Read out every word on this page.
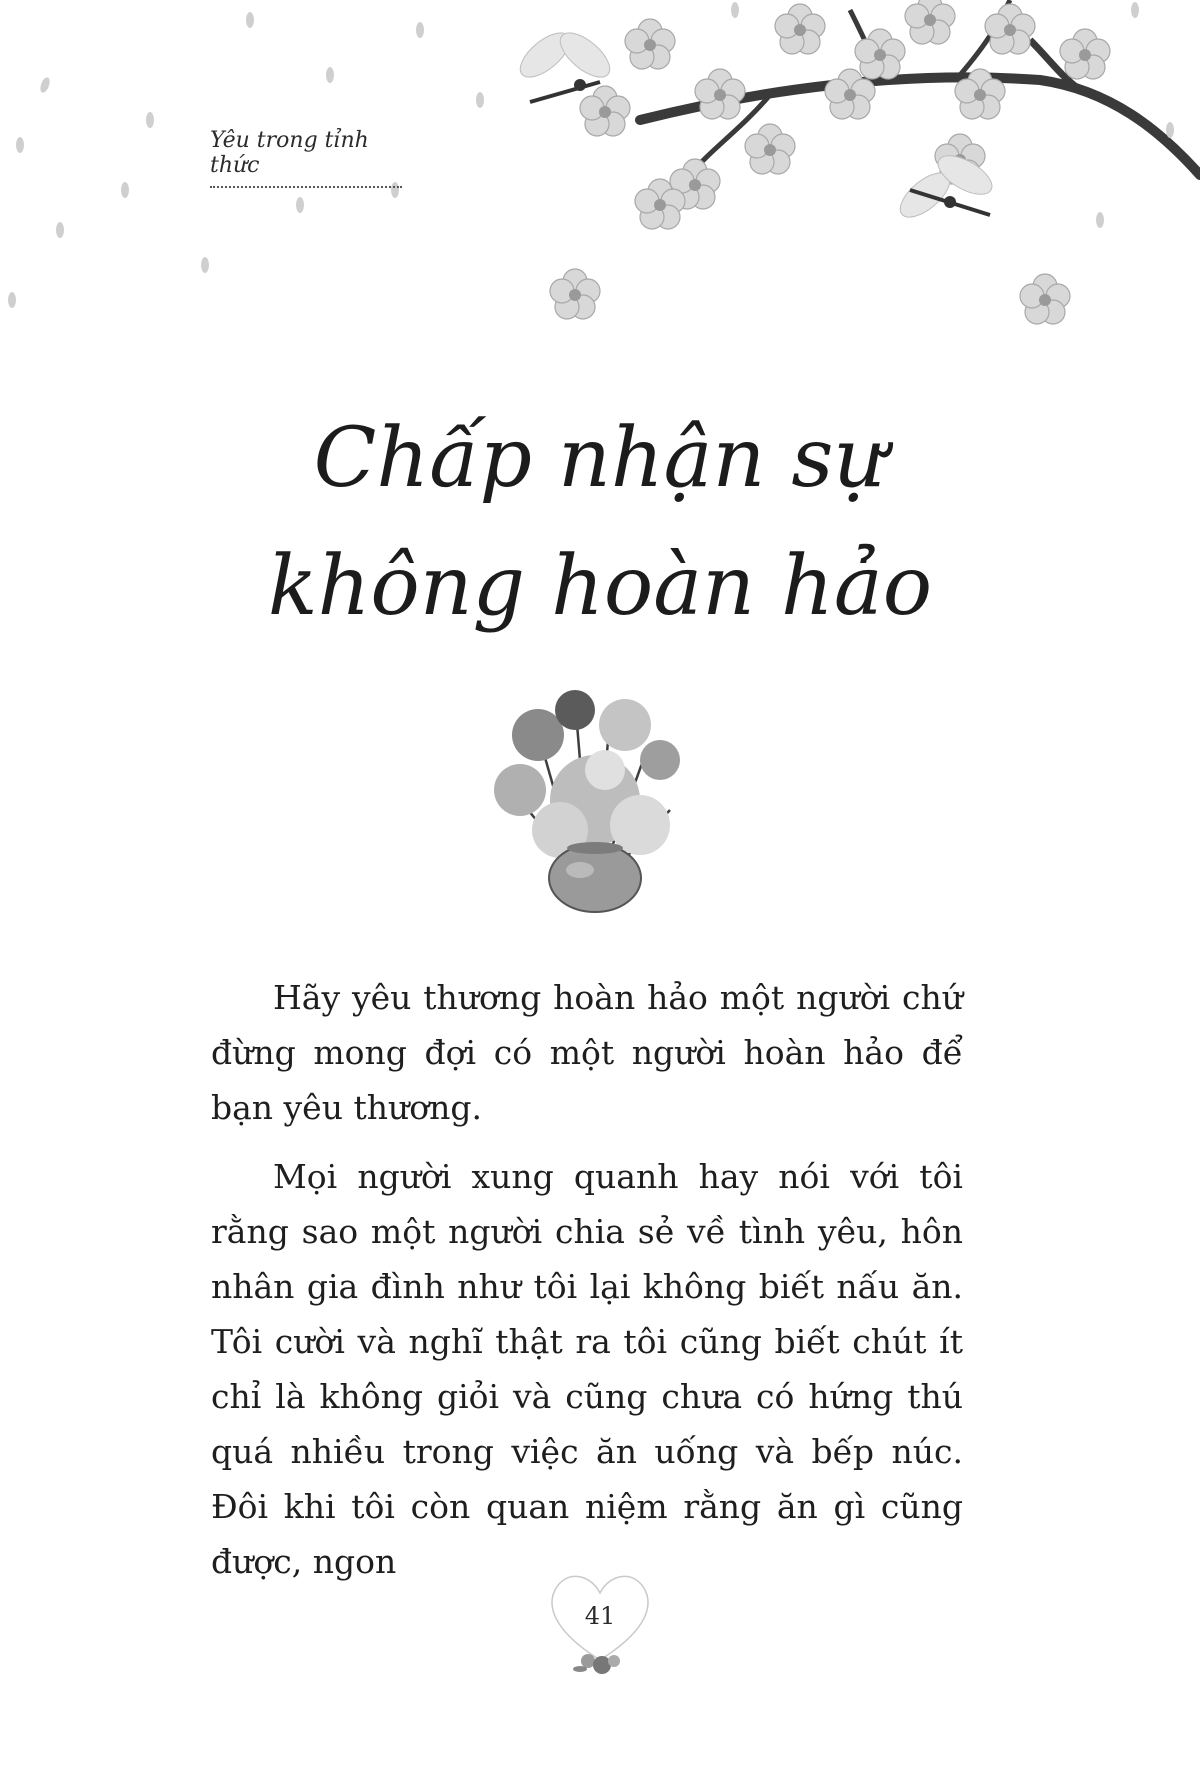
Yêu trong tỉnh thức
Chấp nhận sự
không hoàn hảo

Hãy yêu thương hoàn hảo một người chứ đừng mong đợi có một người hoàn hảo để bạn yêu thương.

Mọi người xung quanh hay nói với tôi rằng sao một người chia sẻ về tình yêu, hôn nhân gia đình như tôi lại không biết nấu ăn. Tôi cười và nghĩ thật ra tôi cũng biết chút ít chỉ là không giỏi và cũng chưa có hứng thú quá nhiều trong việc ăn uống và bếp núc. Đôi khi tôi còn quan niệm rằng ăn gì cũng được, ngon

41
